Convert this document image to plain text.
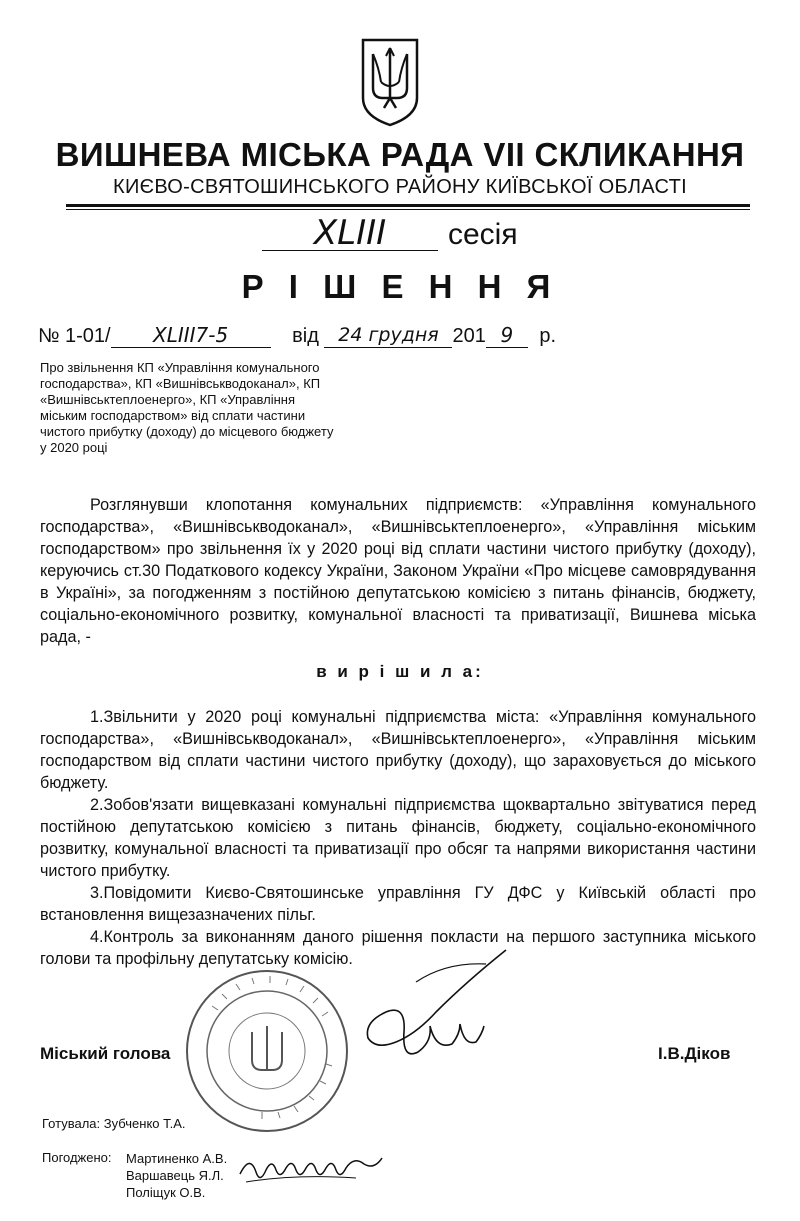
ВИШНЕВА МІСЬКА РАДА VII СКЛИКАННЯ
КИЄВО-СВЯТОШИНСЬКОГО РАЙОНУ КИЇВСЬКОЇ ОБЛАСТІ
XLIII	сесія
Р І Ш Е Н Н Я
№ 1-01/ XLIII7-5	від 24 грудня 201 9 р.
Про звільнення КП «Управління комунального господарства», КП «Вишнівськводоканал», КП «Вишнівськтеплоенерго», КП «Управління міським господарством» від сплати частини чистого прибутку (доходу) до місцевого бюджету у 2020 році
Розглянувши клопотання комунальних підприємств: «Управління комунального господарства», «Вишнівськводоканал», «Вишнівськтеплоенерго», «Управління міським господарством» про звільнення їх у 2020 році від сплати частини чистого прибутку (доходу), керуючись ст.30 Податкового кодексу України, Законом України «Про місцеве самоврядування в Україні», за погодженням з постійною депутатською комісією з питань фінансів, бюджету, соціально-економічного розвитку, комунальної власності та приватизації, Вишнева міська рада, -
в и р і ш и л а:

1.Звільнити у 2020 році комунальні підприємства міста: «Управління комунального господарства», «Вишнівськводоканал», «Вишнівськтеплоенерго», «Управління міським господарством від сплати частини чистого прибутку (доходу), що зараховується до міського бюджету.

2.Зобов'язати вищевказані комунальні підприємства щоквартально звітуватися перед постійною депутатською комісією з питань фінансів, бюджету, соціально-економічного розвитку, комунальної власності та приватизації про обсяг та напрями використання частини чистого прибутку.

3.Повідомити Києво-Святошинське управління ГУ ДФС у Київській області про встановлення вищезазначених пільг.

4.Контроль за виконанням даного рішення покласти на першого заступника міського голови та профільну депутатську комісію.

Міський голова	І.В.Діков
Готувала: Зубченко Т.А.
Погоджено: Мартиненко А.В.
Варшавець Я.Л.
Поліщук О.В.
